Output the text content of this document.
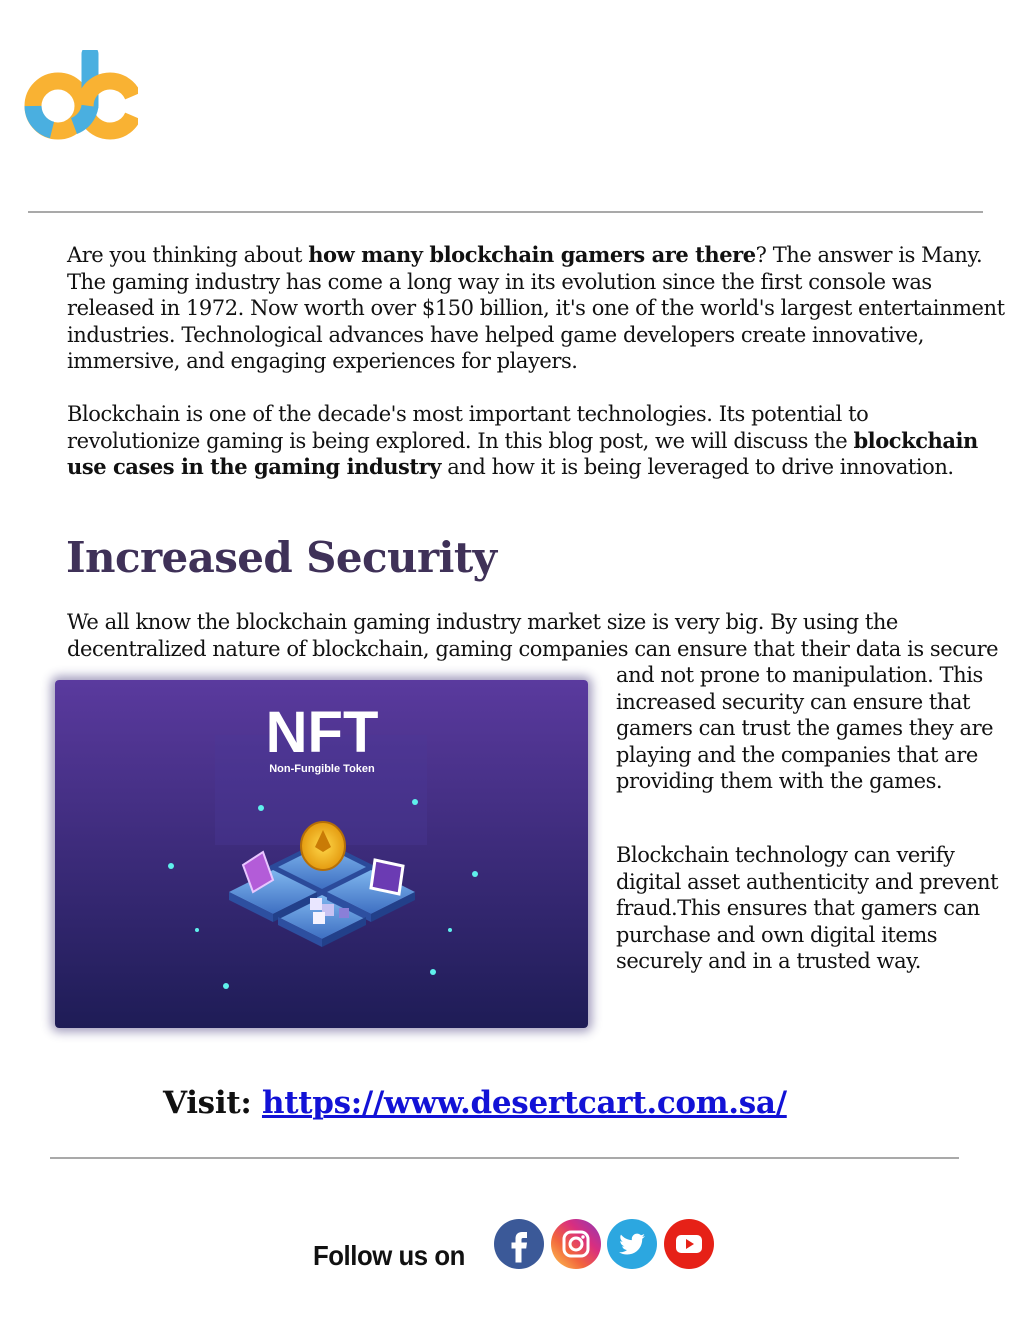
Are you thinking about how many blockchain gamers are there? The answer is Many. The gaming industry has come a long way in its evolution since the first console was released in 1972. Now worth over $150 billion, it's one of the world's largest entertainment industries. Technological advances have helped game developers create innovative, immersive, and engaging experiences for players.

Blockchain is one of the decade's most important technologies. Its potential to revolutionize gaming is being explored. In this blog post, we will discuss the blockchain use cases in the gaming industry and how it is being leveraged to drive innovation.

Increased Security

We all know the blockchain gaming industry market size is very big. By using the decentralized nature of blockchain, gaming companies can ensure that their data is secure

NFT
Non-Fungible Token

and not prone to manipulation. This increased security can ensure that gamers can trust the games they are playing and the companies that are providing them with the games.

Blockchain technology can verify digital asset authenticity and prevent fraud.This ensures that gamers can purchase and own digital items securely and in a trusted way.

Visit: https://www.desertcart.com.sa/

Follow us on
